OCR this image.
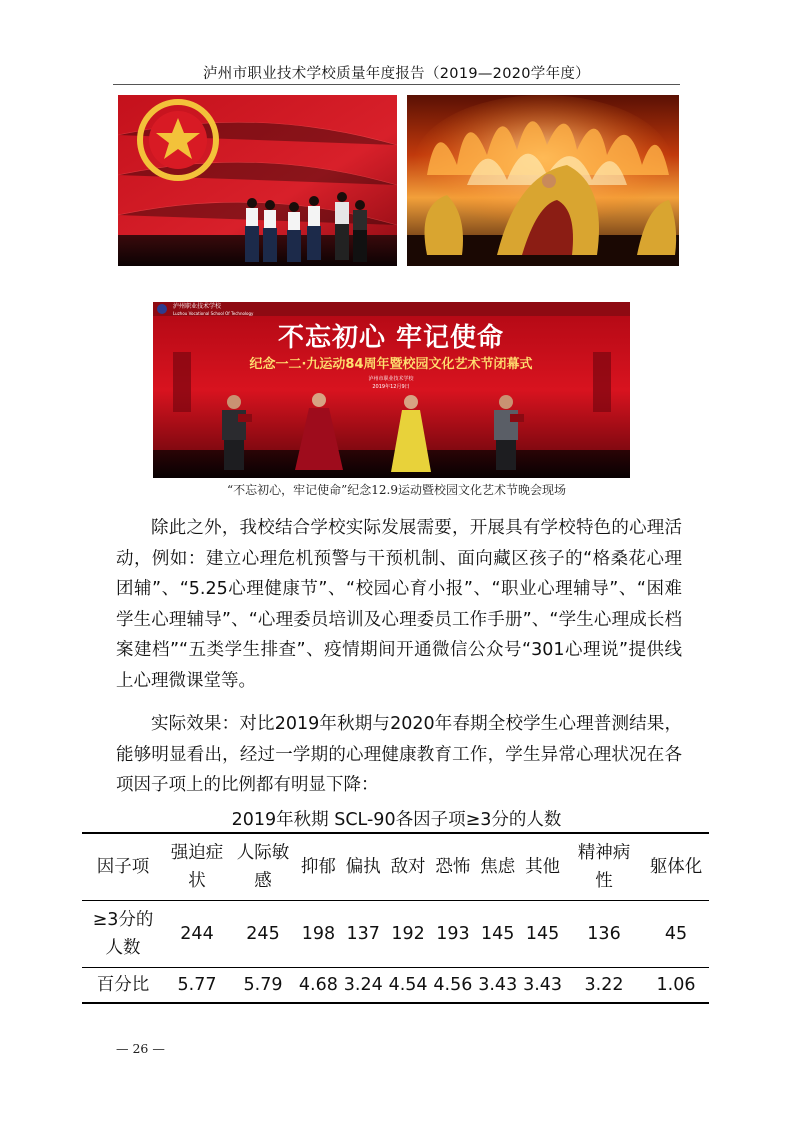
泸州市职业技术学校质量年度报告（2019—2020学年度）
泸州职业技术学校
Luzhou Vocational School Of Technology
不忘初心 牢记使命
纪念一二·九运动84周年暨校园文化艺术节闭幕式
泸州市职业技术学校
2019年12月9日
“不忘初心，牢记使命”纪念12.9运动暨校园文化艺术节晚会现场

除此之外，我校结合学校实际发展需要，开展具有学校特色的心理活动，例如：建立心理危机预警与干预机制、面向藏区孩子的“格桑花心理团辅”、“5.25心理健康节”、“校园心育小报”、“职业心理辅导”、“困难学生心理辅导”、“心理委员培训及心理委员工作手册”、“学生心理成长档案建档”“五类学生排查”、疫情期间开通微信公众号“301心理说”提供线上心理微课堂等。

实际效果：对比2019年秋期与2020年春期全校学生心理普测结果，能够明显看出，经过一学期的心理健康教育工作，学生异常心理状况在各项因子项上的比例都有明显下降：

2019年秋期 SCL-90各因子项≥3分的人数
因子项	强迫症状	人际敏感	抑郁	偏执	敌对	恐怖	焦虑	其他	精神病性	躯体化
≥3分的人数	244	245	198	137	192	193	145	145	136	45
百分比	5.77	5.79	4.68	3.24	4.54	4.56	3.43	3.43	3.22	1.06
— 26 —
